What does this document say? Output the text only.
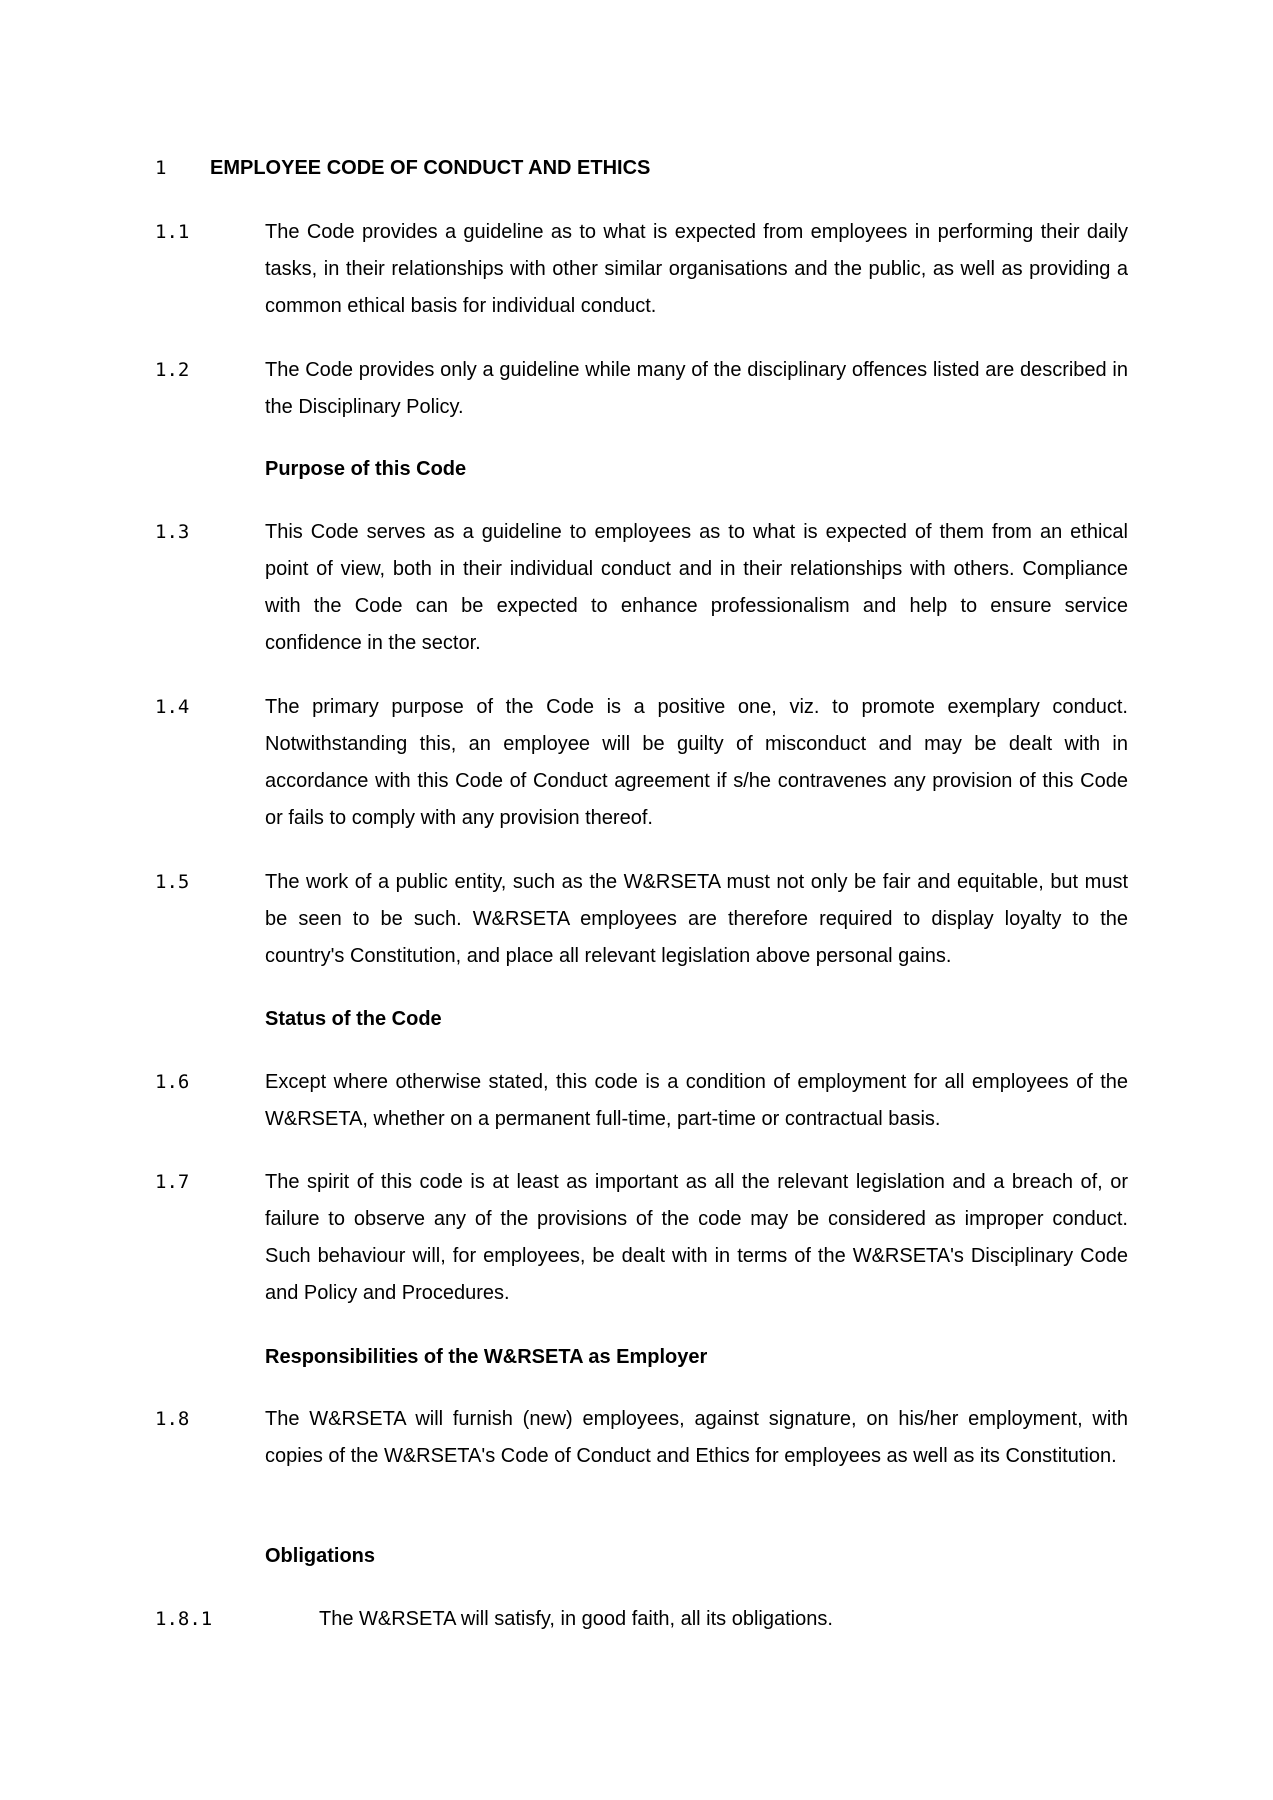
1 EMPLOYEE CODE OF CONDUCT AND ETHICS
1.1	The Code provides a guideline as to what is expected from employees in performing their daily tasks, in their relationships with other similar organisations and the public, as well as providing a common ethical basis for individual conduct.
1.2	The Code provides only a guideline while many of the disciplinary offences listed are described in the Disciplinary Policy.
Purpose of this Code
1.3	This Code serves as a guideline to employees as to what is expected of them from an ethical point of view, both in their individual conduct and in their relationships with others. Compliance with the Code can be expected to enhance professionalism and help to ensure service confidence in the sector.
1.4	The primary purpose of the Code is a positive one, viz. to promote exemplary conduct. Notwithstanding this, an employee will be guilty of misconduct and may be dealt with in accordance with this Code of Conduct agreement if s/he contravenes any provision of this Code or fails to comply with any provision thereof.
1.5	The work of a public entity, such as the W&RSETA must not only be fair and equitable, but must be seen to be such. W&RSETA employees are therefore required to display loyalty to the country's Constitution, and place all relevant legislation above personal gains.
Status of the Code
1.6	Except where otherwise stated, this code is a condition of employment for all employees of the W&RSETA, whether on a permanent full-time, part-time or contractual basis.
1.7	The spirit of this code is at least as important as all the relevant legislation and a breach of, or failure to observe any of the provisions of the code may be considered as improper conduct. Such behaviour will, for employees, be dealt with in terms of the W&RSETA's Disciplinary Code and Policy and Procedures.
Responsibilities of the W&RSETA as Employer
1.8	The W&RSETA will furnish (new) employees, against signature, on his/her employment, with copies of the W&RSETA's Code of Conduct and Ethics for employees as well as its Constitution.
Obligations
1.8.1	The W&RSETA will satisfy, in good faith, all its obligations.
